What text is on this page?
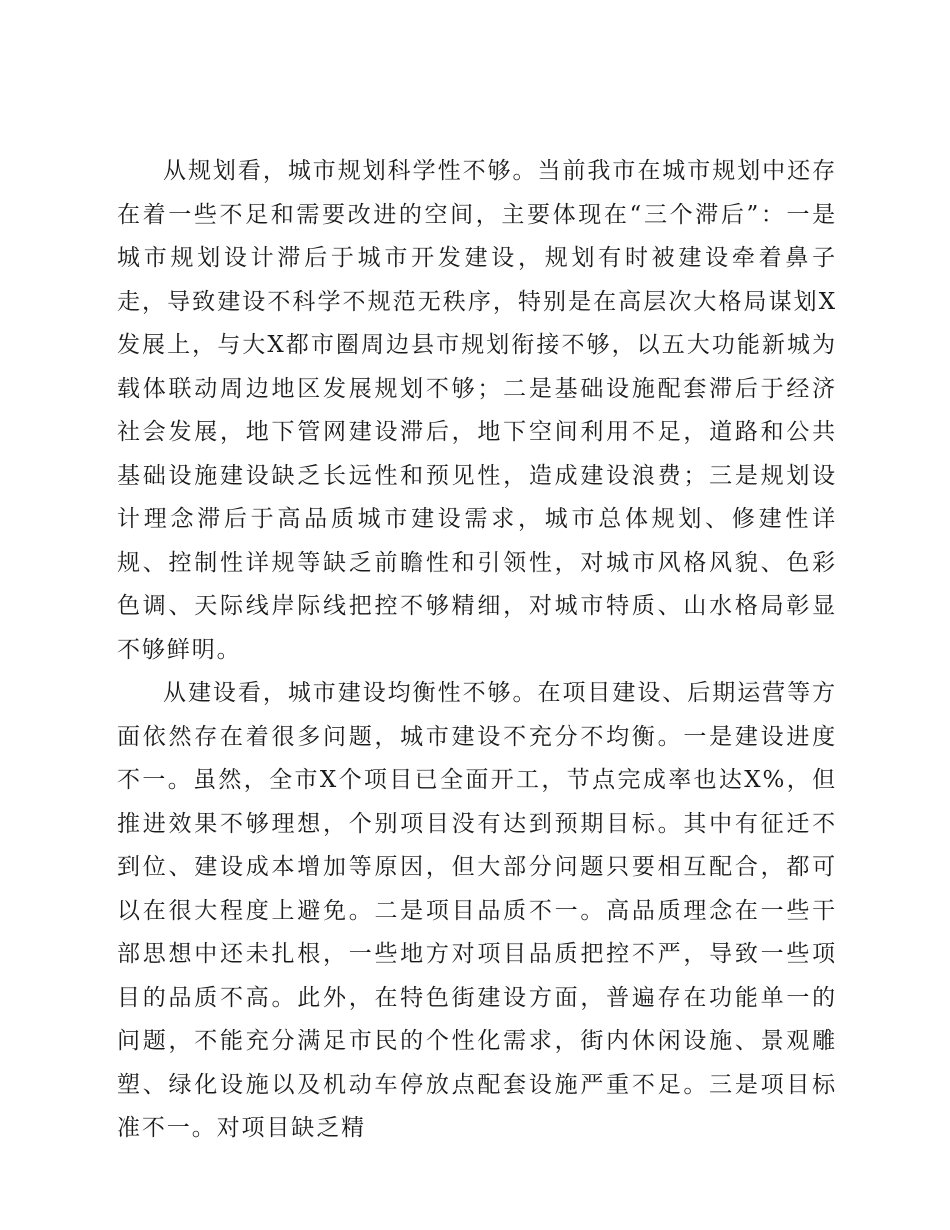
从规划看，城市规划科学性不够。当前我市在城市规划中还存在着一些不足和需要改进的空间，主要体现在“三个滞后”：一是城市规划设计滞后于城市开发建设，规划有时被建设牵着鼻子走，导致建设不科学不规范无秩序，特别是在高层次大格局谋划X发展上，与大X都市圈周边县市规划衔接不够，以五大功能新城为载体联动周边地区发展规划不够；二是基础设施配套滞后于经济社会发展，地下管网建设滞后，地下空间利用不足，道路和公共基础设施建设缺乏长远性和预见性，造成建设浪费；三是规划设计理念滞后于高品质城市建设需求，城市总体规划、修建性详规、控制性详规等缺乏前瞻性和引领性，对城市风格风貌、色彩色调、天际线岸际线把控不够精细，对城市特质、山水格局彰显不够鲜明。

从建设看，城市建设均衡性不够。在项目建设、后期运营等方面依然存在着很多问题，城市建设不充分不均衡。一是建设进度不一。虽然，全市X个项目已全面开工，节点完成率也达X%，但推进效果不够理想，个别项目没有达到预期目标。其中有征迁不到位、建设成本增加等原因，但大部分问题只要相互配合，都可以在很大程度上避免。二是项目品质不一。高品质理念在一些干部思想中还未扎根，一些地方对项目品质把控不严，导致一些项目的品质不高。此外，在特色街建设方面，普遍存在功能单一的问题，不能充分满足市民的个性化需求，街内休闲设施、景观雕塑、绿化设施以及机动车停放点配套设施严重不足。三是项目标准不一。对项目缺乏精
